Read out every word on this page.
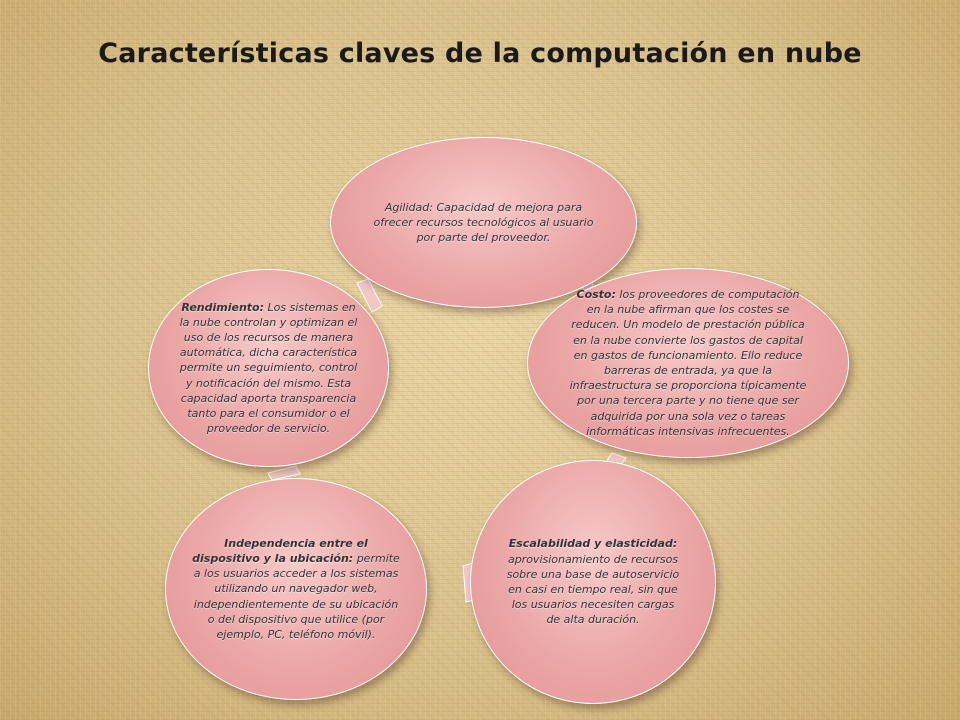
Características claves de la computación en nube
Agilidad: Capacidad de mejora para ofrecer recursos tecnológicos al usuario por parte del proveedor.
Costo: los proveedores de computación en la nube afirman que los costes se reducen. Un modelo de prestación pública en la nube convierte los gastos de capital en gastos de funcionamiento. Ello reduce barreras de entrada, ya que la infraestructura se proporciona típicamente por una tercera parte y no tiene que ser adquirida por una sola vez o tareas informáticas intensivas infrecuentes.
Escalabilidad y elasticidad: aprovisionamiento de recursos sobre una base de autoservicio en casi en tiempo real, sin que los usuarios necesiten cargas de alta duración.
Independencia entre el dispositivo y la ubicación: permite a los usuarios acceder a los sistemas utilizando un navegador web, independientemente de su ubicación o del dispositivo que utilice (por ejemplo, PC, teléfono móvil).
Rendimiento: Los sistemas en la nube controlan y optimizan el uso de los recursos de manera automática, dicha característica permite un seguimiento, control y notificación del mismo. Esta capacidad aporta transparencia tanto para el consumidor o el proveedor de servicio.
